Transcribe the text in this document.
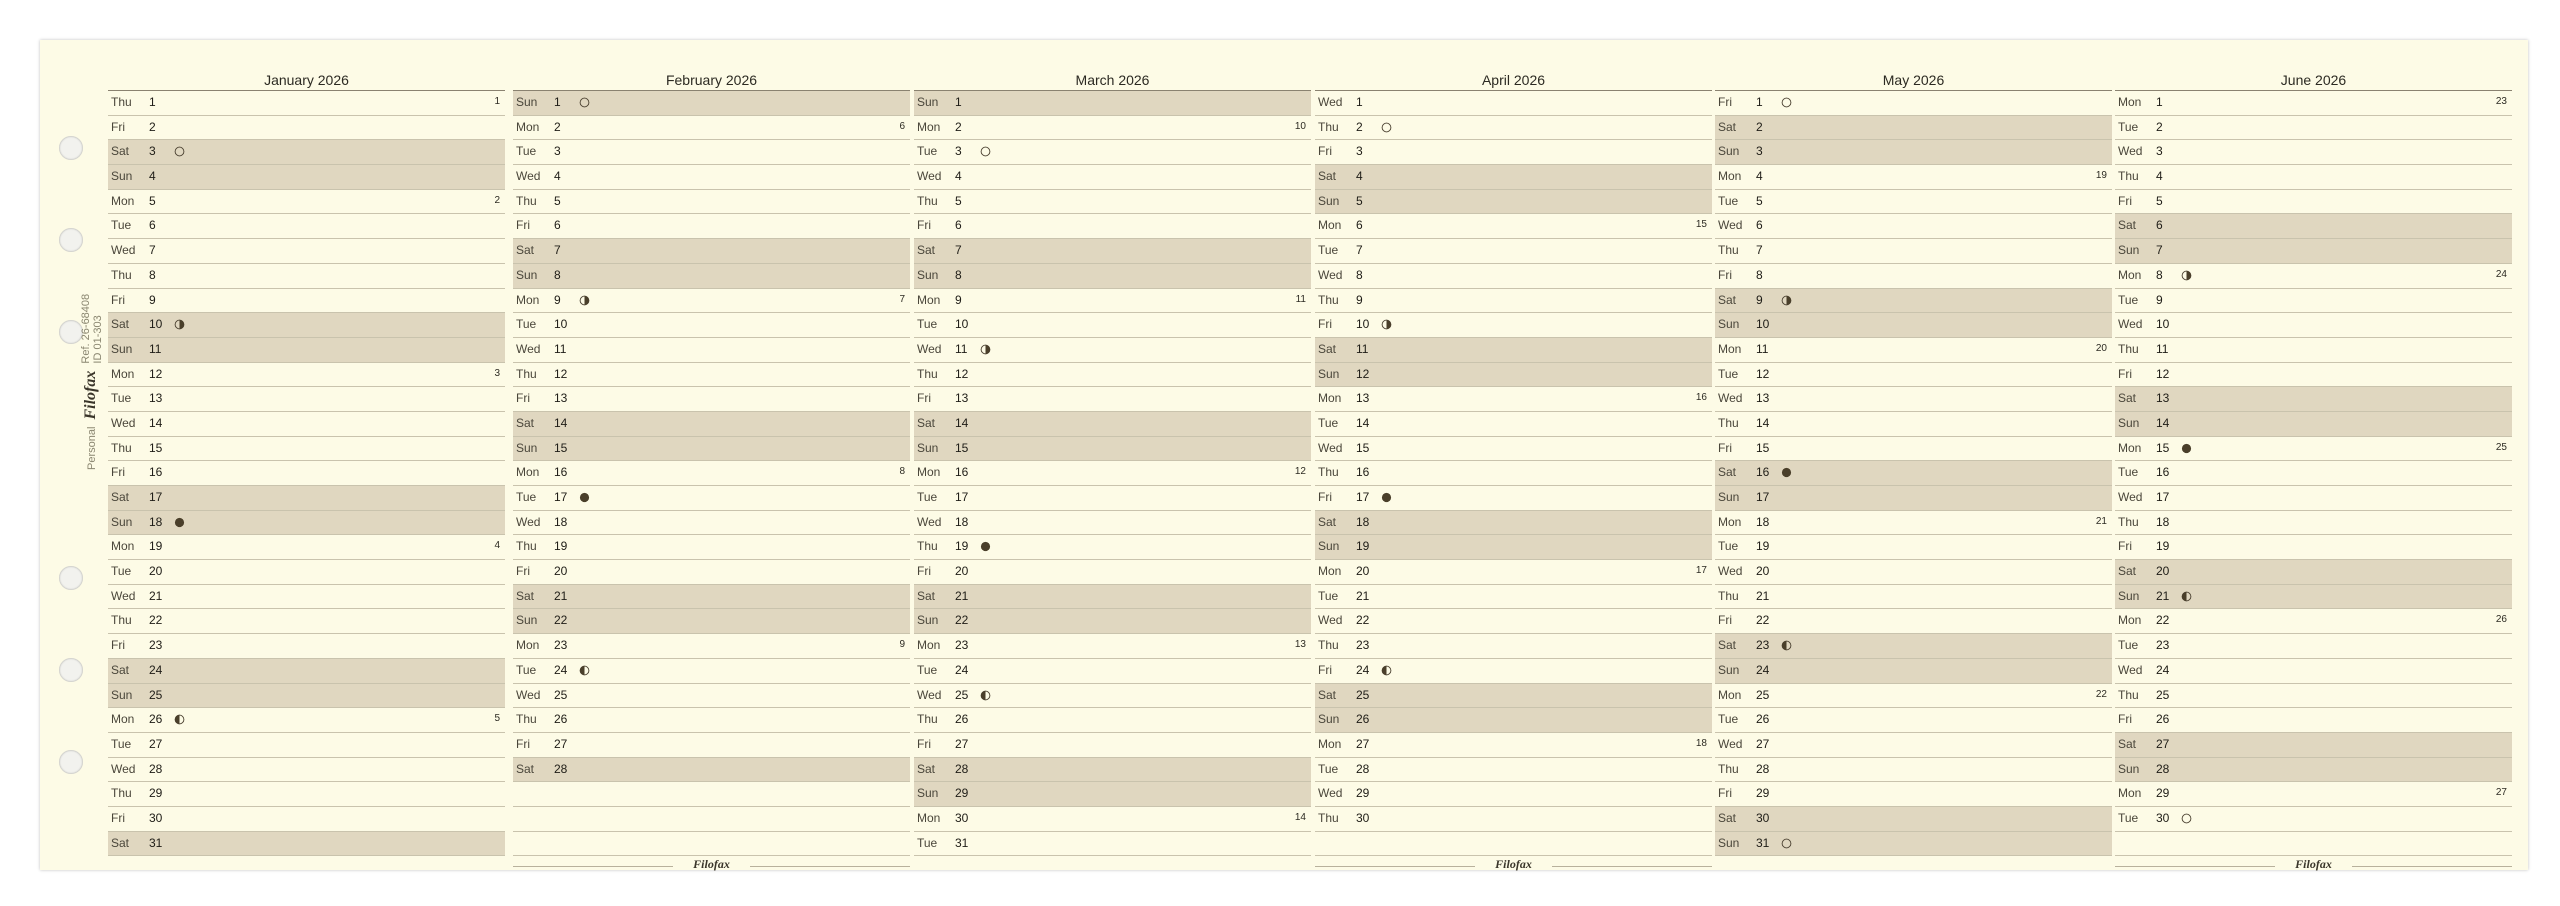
Personal Filofax Ref. 26-68408
ID 01-303
January 2026
Thu 1	1
Fri 2
Sat 3
Sun 4
Mon 5	2
Tue 6
Wed 7
Thu 8
Fri 9
Sat 10
Sun 11
Mon 12	3
Tue 13
Wed 14
Thu 15
Fri 16
Sat 17
Sun 18
Mon 19	4
Tue 20
Wed 21
Thu 22
Fri 23
Sat 24
Sun 25
Mon 26	5
Tue 27
Wed 28
Thu 29
Fri 30
Sat 31
February 2026
Sun 1
Mon 2	6
Tue 3
Wed 4
Thu 5
Fri 6
Sat 7
Sun 8
Mon 9	7
Tue 10
Wed 11
Thu 12
Fri 13
Sat 14
Sun 15
Mon 16	8
Tue 17
Wed 18
Thu 19
Fri 20
Sat 21
Sun 22
Mon 23	9
Tue 24
Wed 25
Thu 26
Fri 27
Sat 28
Filofax
March 2026
Sun 1
Mon 2	10
Tue 3
Wed 4
Thu 5
Fri 6
Sat 7
Sun 8
Mon 9	11
Tue 10
Wed 11
Thu 12
Fri 13
Sat 14
Sun 15
Mon 16	12
Tue 17
Wed 18
Thu 19
Fri 20
Sat 21
Sun 22
Mon 23	13
Tue 24
Wed 25
Thu 26
Fri 27
Sat 28
Sun 29
Mon 30	14
Tue 31
April 2026
Wed 1
Thu 2
Fri 3
Sat 4
Sun 5
Mon 6	15
Tue 7
Wed 8
Thu 9
Fri 10
Sat 11
Sun 12
Mon 13	16
Tue 14
Wed 15
Thu 16
Fri 17
Sat 18
Sun 19
Mon 20	17
Tue 21
Wed 22
Thu 23
Fri 24
Sat 25
Sun 26
Mon 27	18
Tue 28
Wed 29
Thu 30
Filofax
May 2026
Fri 1
Sat 2
Sun 3
Mon 4	19
Tue 5
Wed 6
Thu 7
Fri 8
Sat 9
Sun 10
Mon 11	20
Tue 12
Wed 13
Thu 14
Fri 15
Sat 16
Sun 17
Mon 18	21
Tue 19
Wed 20
Thu 21
Fri 22
Sat 23
Sun 24
Mon 25	22
Tue 26
Wed 27
Thu 28
Fri 29
Sat 30
Sun 31
June 2026
Mon 1	23
Tue 2
Wed 3
Thu 4
Fri 5
Sat 6
Sun 7
Mon 8	24
Tue 9
Wed 10
Thu 11
Fri 12
Sat 13
Sun 14
Mon 15	25
Tue 16
Wed 17
Thu 18
Fri 19
Sat 20
Sun 21
Mon 22	26
Tue 23
Wed 24
Thu 25
Fri 26
Sat 27
Sun 28
Mon 29	27
Tue 30
Filofax
